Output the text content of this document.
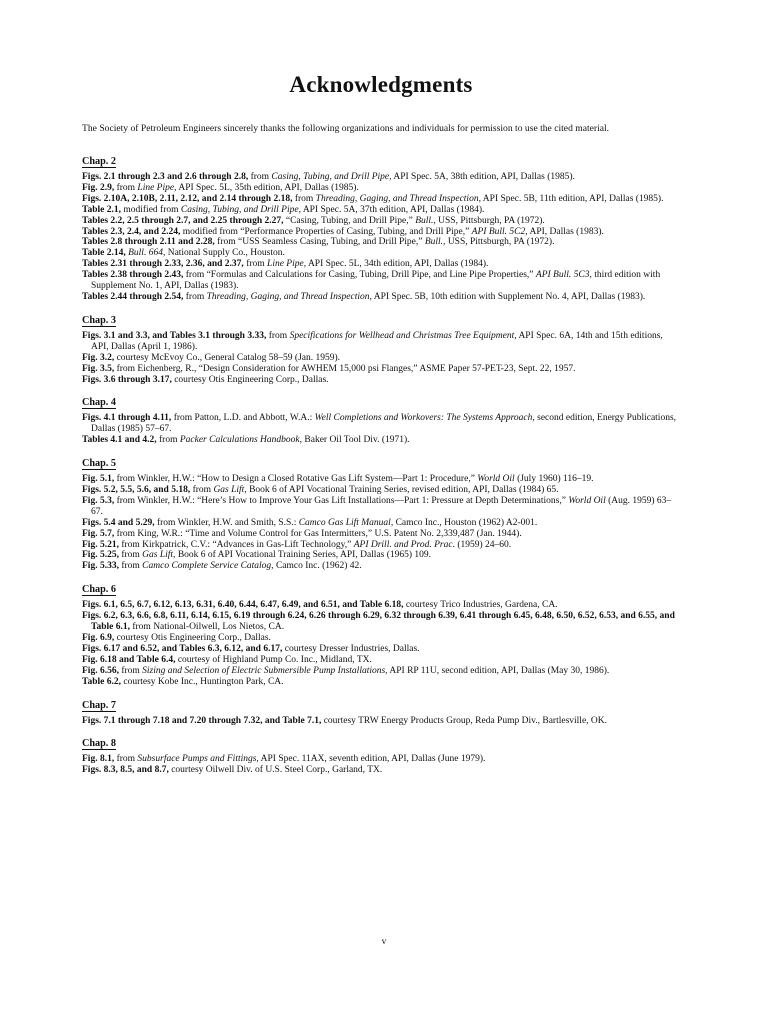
Acknowledgments

The Society of Petroleum Engineers sincerely thanks the following organizations and individuals for permission to use the cited material.

Chap. 2

Figs. 2.1 through 2.3 and 2.6 through 2.8, from Casing, Tubing, and Drill Pipe, API Spec. 5A, 38th edition, API, Dallas (1985).

Fig. 2.9, from Line Pipe, API Spec. 5L, 35th edition, API, Dallas (1985).

Figs. 2.10A, 2.10B, 2.11, 2.12, and 2.14 through 2.18, from Threading, Gaging, and Thread Inspection, API Spec. 5B, 11th edition, API, Dallas (1985).

Table 2.1, modified from Casing, Tubing, and Drill Pipe, API Spec. 5A, 37th edition, API, Dallas (1984).

Tables 2.2, 2.5 through 2.7, and 2.25 through 2.27, “Casing, Tubing, and Drill Pipe,” Bull., USS, Pittsburgh, PA (1972).

Tables 2.3, 2.4, and 2.24, modified from “Performance Properties of Casing, Tubing, and Drill Pipe,” API Bull. 5C2, API, Dallas (1983).

Tables 2.8 through 2.11 and 2.28, from “USS Seamless Casing, Tubing, and Drill Pipe,” Bull., USS, Pittsburgh, PA (1972).

Table 2.14, Bull. 664, National Supply Co., Houston.

Tables 2.31 through 2.33, 2.36, and 2.37, from Line Pipe, API Spec. 5L, 34th edition, API, Dallas (1984).

Tables 2.38 through 2.43, from “Formulas and Calculations for Casing, Tubing, Drill Pipe, and Line Pipe Properties,” API Bull. 5C3, third edition with Supplement No. 1, API, Dallas (1983).

Tables 2.44 through 2.54, from Threading, Gaging, and Thread Inspection, API Spec. 5B, 10th edition with Supplement No. 4, API, Dallas (1983).

Chap. 3

Figs. 3.1 and 3.3, and Tables 3.1 through 3.33, from Specifications for Wellhead and Christmas Tree Equipment, API Spec. 6A, 14th and 15th editions, API, Dallas (April 1, 1986).

Fig. 3.2, courtesy McEvoy Co., General Catalog 58–59 (Jan. 1959).

Fig. 3.5, from Eichenberg, R., “Design Consideration for AWHEM 15,000 psi Flanges,” ASME Paper 57-PET-23, Sept. 22, 1957.

Figs. 3.6 through 3.17, courtesy Otis Engineering Corp., Dallas.

Chap. 4

Figs. 4.1 through 4.11, from Patton, L.D. and Abbott, W.A.: Well Completions and Workovers: The Systems Approach, second edition, Energy Publications, Dallas (1985) 57–67.

Tables 4.1 and 4.2, from Packer Calculations Handbook, Baker Oil Tool Div. (1971).

Chap. 5

Fig. 5.1, from Winkler, H.W.: “How to Design a Closed Rotative Gas Lift System—Part 1: Procedure,” World Oil (July 1960) 116–19.

Figs. 5.2, 5.5, 5.6, and 5.18, from Gas Lift, Book 6 of API Vocational Training Series, revised edition, API, Dallas (1984) 65.

Fig. 5.3, from Winkler, H.W.: “Here’s How to Improve Your Gas Lift Installations—Part 1: Pressure at Depth Determinations,” World Oil (Aug. 1959) 63–67.

Figs. 5.4 and 5.29, from Winkler, H.W. and Smith, S.S.: Camco Gas Lift Manual, Camco Inc., Houston (1962) A2-001.

Fig. 5.7, from King, W.R.: “Time and Volume Control for Gas Intermitters,” U.S. Patent No. 2,339,487 (Jan. 1944).

Fig. 5.21, from Kirkpatrick, C.V.: “Advances in Gas-Lift Technology,” API Drill. and Prod. Prac. (1959) 24–60.

Fig. 5.25, from Gas Lift, Book 6 of API Vocational Training Series, API, Dallas (1965) 109.

Fig. 5.33, from Camco Complete Service Catalog, Camco Inc. (1962) 42.

Chap. 6

Figs. 6.1, 6.5, 6.7, 6.12, 6.13, 6.31, 6.40, 6.44, 6.47, 6.49, and 6.51, and Table 6.18, courtesy Trico Industries, Gardena, CA.

Figs. 6.2, 6.3, 6.6, 6.8, 6.11, 6.14, 6.15, 6.19 through 6.24, 6.26 through 6.29, 6.32 through 6.39, 6.41 through 6.45, 6.48, 6.50, 6.52, 6.53, and 6.55, and Table 6.1, from National-Oilwell, Los Nietos, CA.

Fig. 6.9, courtesy Otis Engineering Corp., Dallas.

Figs. 6.17 and 6.52, and Tables 6.3, 6.12, and 6.17, courtesy Dresser Industries, Dallas.

Fig. 6.18 and Table 6.4, courtesy of Highland Pump Co. Inc., Midland, TX.

Fig. 6.56, from Sizing and Selection of Electric Submersible Pump Installations, API RP 11U, second edition, API, Dallas (May 30, 1986).

Table 6.2, courtesy Kobe Inc., Huntington Park, CA.

Chap. 7

Figs. 7.1 through 7.18 and 7.20 through 7.32, and Table 7.1, courtesy TRW Energy Products Group, Reda Pump Div., Bartlesville, OK.

Chap. 8

Fig. 8.1, from Subsurface Pumps and Fittings, API Spec. 11AX, seventh edition, API, Dallas (June 1979).

Figs. 8.3, 8.5, and 8.7, courtesy Oilwell Div. of U.S. Steel Corp., Garland, TX.

v
